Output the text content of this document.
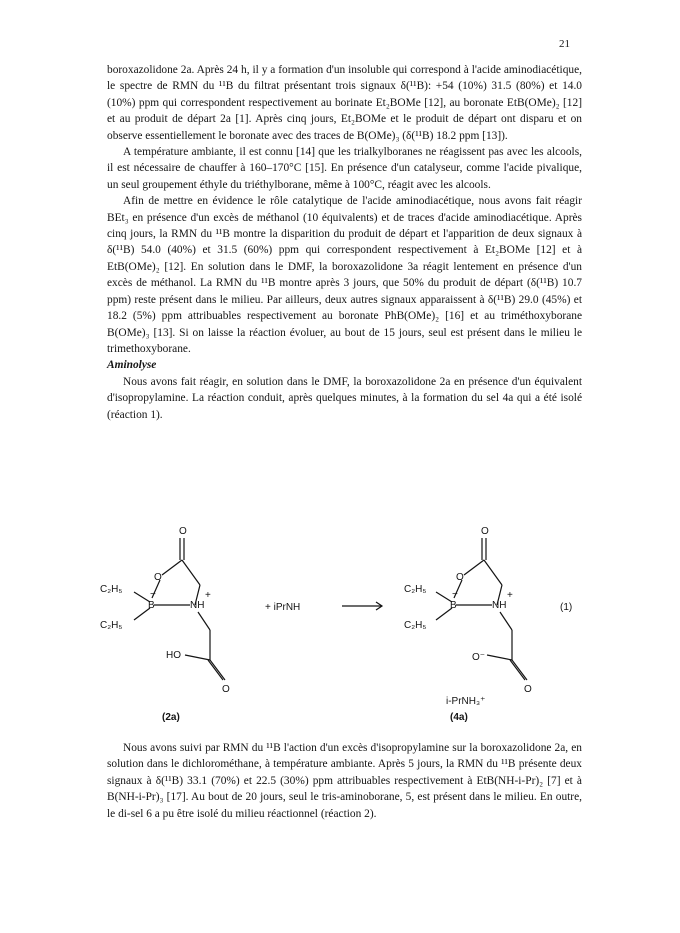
21

boroxazolidone 2a. Après 24 h, il y a formation d'un insoluble qui correspond à l'acide aminodiacétique, le spectre de RMN du ¹¹B du filtrat présentant trois signaux δ(¹¹B): +54 (10%) 31.5 (80%) et 14.0 (10%) ppm qui correspondent respectivement au borinate Et₂BOMe [12], au boronate EtB(OMe)₂ [12] et au produit de départ 2a [1]. Après cinq jours, Et₂BOMe et le produit de départ ont disparu et on observe essentiellement le boronate avec des traces de B(OMe)₃ (δ(¹¹B) 18.2 ppm [13]).

A température ambiante, il est connu [14] que les trialkylboranes ne réagissent pas avec les alcools, il est nécessaire de chauffer à 160–170°C [15]. En présence d'un catalyseur, comme l'acide pivalique, un seul groupement éthyle du triéthylborane, même à 100°C, réagit avec les alcools.

Afin de mettre en évidence le rôle catalytique de l'acide aminodiacétique, nous avons fait réagir BEt₃ en présence d'un excès de méthanol (10 équivalents) et de traces d'acide aminodiacétique. Après cinq jours, la RMN du ¹¹B montre la disparition du produit de départ et l'apparition de deux signaux à δ(¹¹B) 54.0 (40%) et 31.5 (60%) ppm qui correspondent respectivement à Et₂BOMe [12] et à EtB(OMe)₂ [12]. En solution dans le DMF, la boroxazolidone 3a réagit lentement en présence d'un excès de méthanol. La RMN du ¹¹B montre après 3 jours, que 50% du produit de départ (δ(¹¹B) 10.7 ppm) reste présent dans le milieu. Par ailleurs, deux autres signaux apparaissent à δ(¹¹B) 29.0 (45%) et 18.2 (5%) ppm attribuables respectivement au boronate PhB(OMe)₂ [16] et au triméthoxyborane B(OMe)₃ [13]. Si on laisse la réaction évoluer, au bout de 15 jours, seul est présent dans le milieu le trimethoxyborane.

Aminolyse

Nous avons fait réagir, en solution dans le DMF, la boroxazolidone 2a en présence d'un équivalent d'isopropylamine. La réaction conduit, après quelques minutes, à la formation du sel 4a qui a été isolé (réaction 1).

O
O
C₂H₅
B
−
NH
+
C₂H₅
HO
O
+ iPrNH
O
O
C₂H₅
B
−
NH
+
C₂H₅
O⁻
O
(1)
i-PrNH₃⁺
(2a)	(4a)

Nous avons suivi par RMN du ¹¹B l'action d'un excès d'isopropylamine sur la boroxazolidone 2a, en solution dans le dichlorométhane, à température ambiante. Après 5 jours, la RMN du ¹¹B présente deux signaux à δ(¹¹B) 33.1 (70%) et 22.5 (30%) ppm attribuables respectivement à EtB(NH-i-Pr)₂ [7] et à B(NH-i-Pr)₃ [17]. Au bout de 20 jours, seul le tris-aminoborane, 5, est présent dans le milieu. En outre, le di-sel 6 a pu être isolé du milieu réactionnel (réaction 2).
